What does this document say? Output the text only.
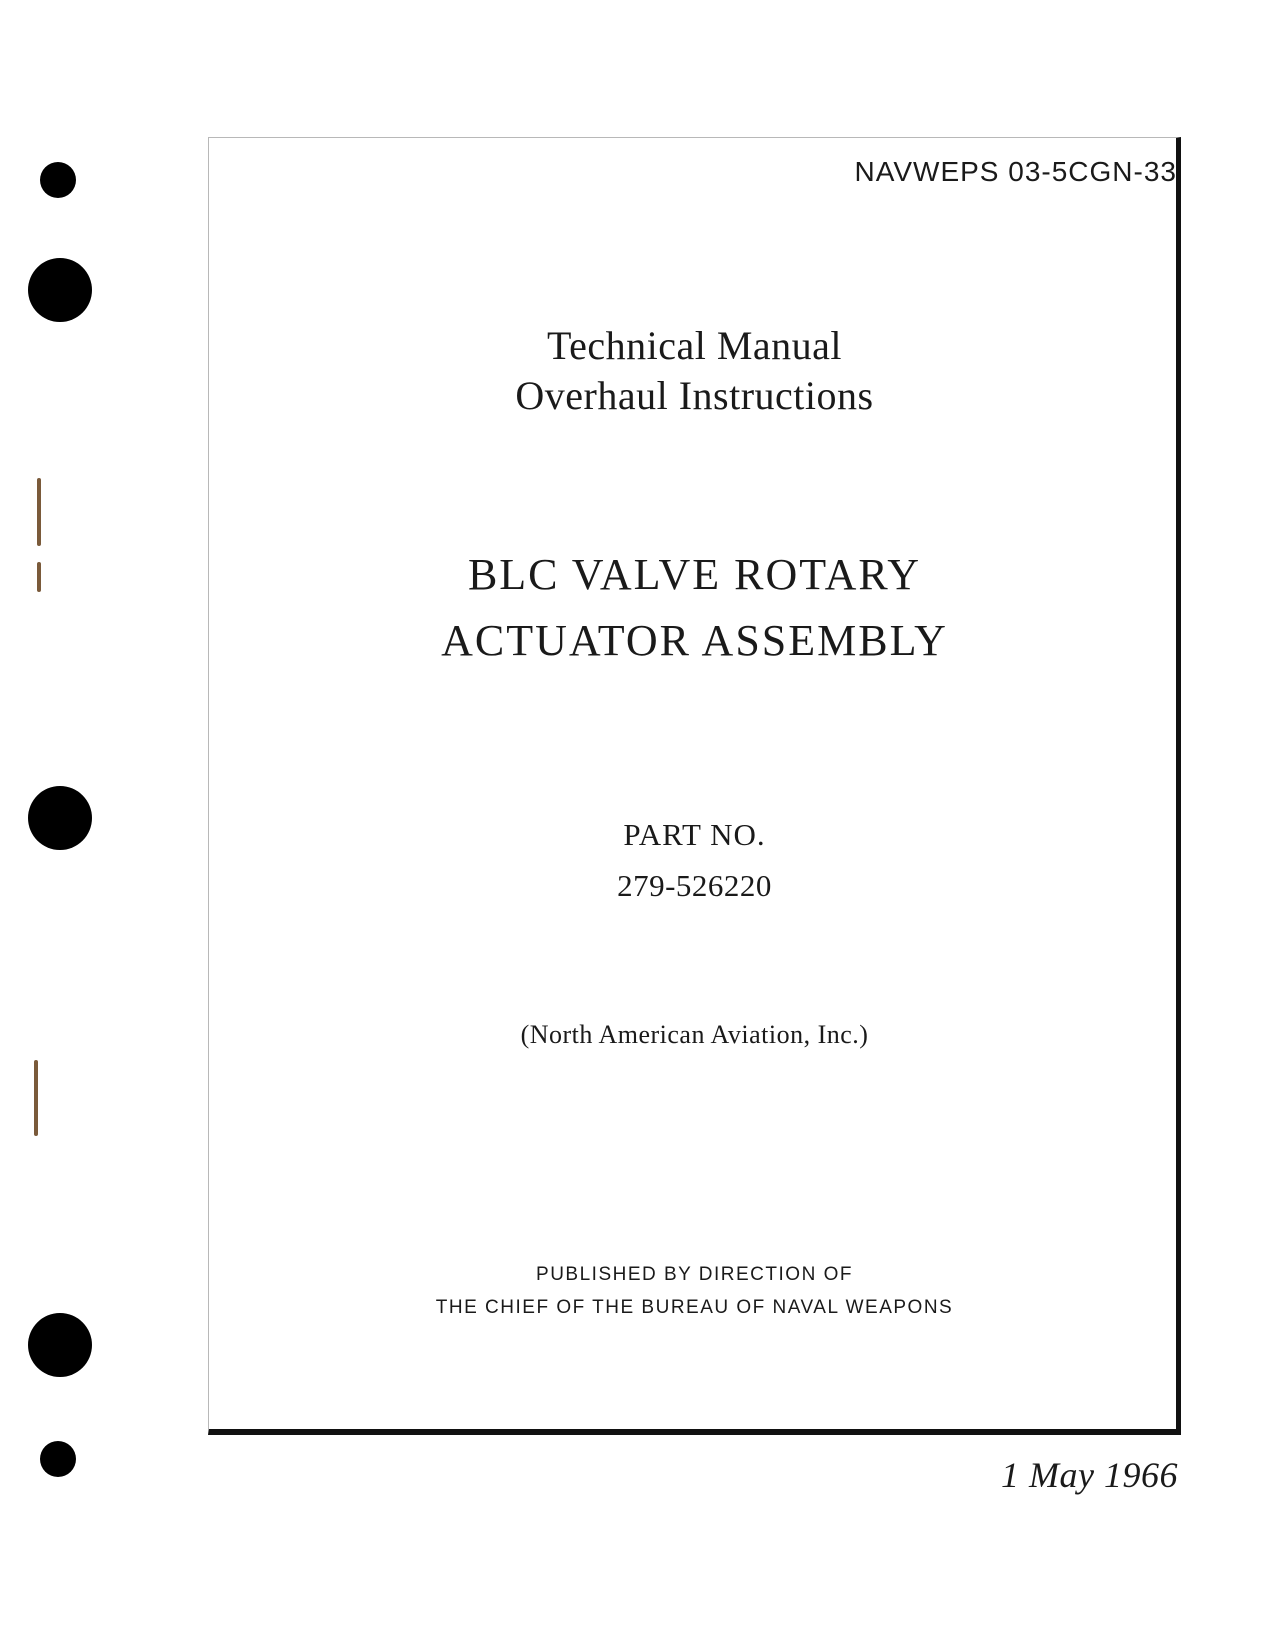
NAVWEPS 03-5CGN-33
Technical Manual
Overhaul Instructions
BLC VALVE ROTARY
ACTUATOR ASSEMBLY
PART NO.
279-526220
(North American Aviation, Inc.)
PUBLISHED BY DIRECTION OF
THE CHIEF OF THE BUREAU OF NAVAL WEAPONS
1 May 1966
